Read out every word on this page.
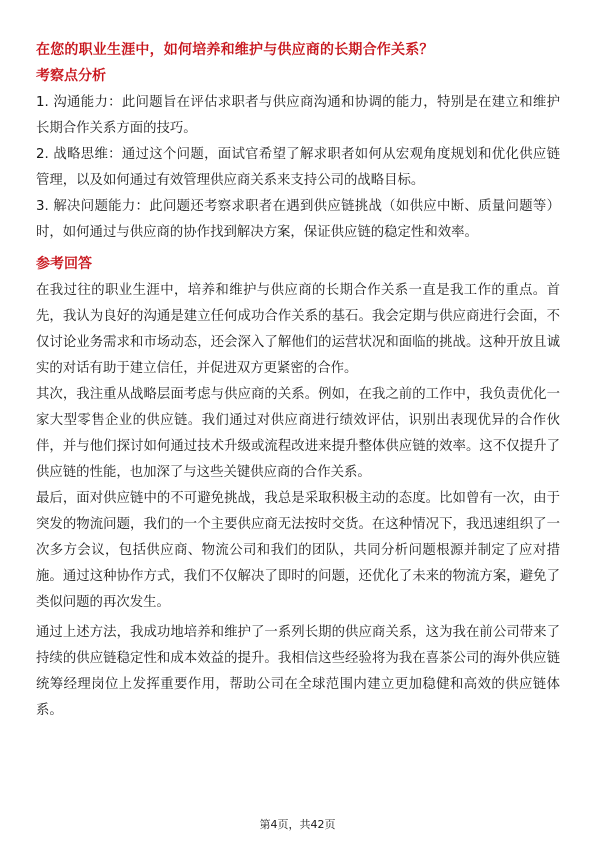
在您的职业生涯中，如何培养和维护与供应商的长期合作关系？
考察点分析

1. 沟通能力：此问题旨在评估求职者与供应商沟通和协调的能力，特别是在建立和维护长期合作关系方面的技巧。

2. 战略思维：通过这个问题，面试官希望了解求职者如何从宏观角度规划和优化供应链管理，以及如何通过有效管理供应商关系来支持公司的战略目标。

3. 解决问题能力：此问题还考察求职者在遇到供应链挑战（如供应中断、质量问题等）时，如何通过与供应商的协作找到解决方案，保证供应链的稳定性和效率。

参考回答

在我过往的职业生涯中，培养和维护与供应商的长期合作关系一直是我工作的重点。首先，我认为良好的沟通是建立任何成功合作关系的基石。我会定期与供应商进行会面，不仅讨论业务需求和市场动态，还会深入了解他们的运营状况和面临的挑战。这种开放且诚实的对话有助于建立信任，并促进双方更紧密的合作。

其次，我注重从战略层面考虑与供应商的关系。例如，在我之前的工作中，我负责优化一家大型零售企业的供应链。我们通过对供应商进行绩效评估，识别出表现优异的合作伙伴，并与他们探讨如何通过技术升级或流程改进来提升整体供应链的效率。这不仅提升了供应链的性能，也加深了与这些关键供应商的合作关系。

最后，面对供应链中的不可避免挑战，我总是采取积极主动的态度。比如曾有一次，由于突发的物流问题，我们的一个主要供应商无法按时交货。在这种情况下，我迅速组织了一次多方会议，包括供应商、物流公司和我们的团队，共同分析问题根源并制定了应对措施。通过这种协作方式，我们不仅解决了即时的问题，还优化了未来的物流方案，避免了类似问题的再次发生。

通过上述方法，我成功地培养和维护了一系列长期的供应商关系，这为我在前公司带来了持续的供应链稳定性和成本效益的提升。我相信这些经验将为我在喜茶公司的海外供应链统筹经理岗位上发挥重要作用，帮助公司在全球范围内建立更加稳健和高效的供应链体系。

第4页，共42页
